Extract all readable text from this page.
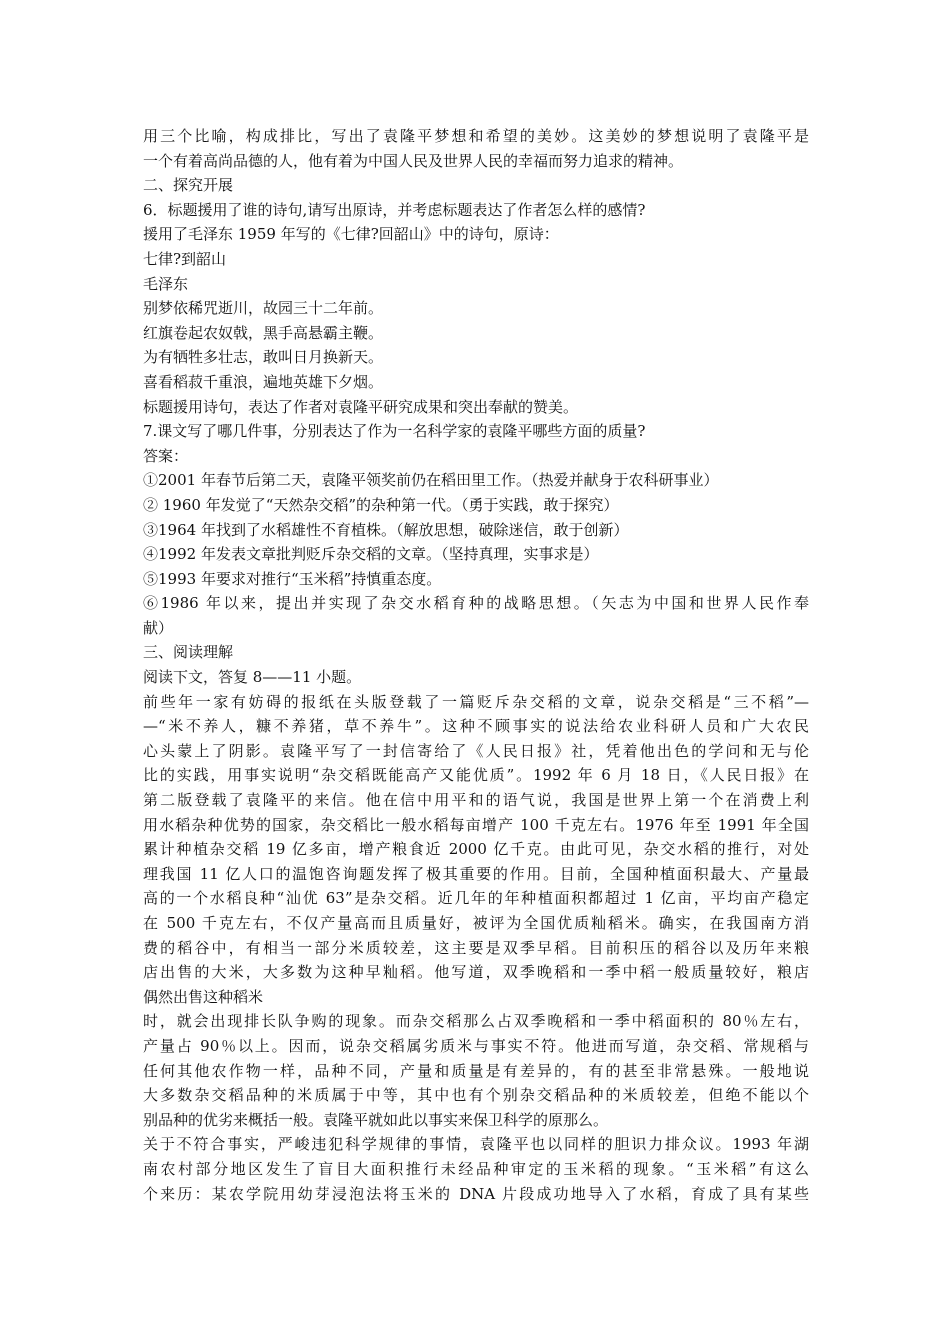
用三个比喻，构成排比，写出了袁隆平梦想和希望的美妙。这美妙的梦想说明了袁隆平是
一个有着高尚品德的人，他有着为中国人民及世界人民的幸福而努力追求的精神。
二、探究开展
6．标题援用了谁的诗句,请写出原诗，并考虑标题表达了作者怎么样的感情?
援用了毛泽东 1959 年写的《七律?回韶山》中的诗句，原诗：
七律?到韶山
毛泽东
别梦依稀咒逝川，故园三十二年前。
红旗卷起农奴戟，黑手高悬霸主鞭。
为有牺牲多壮志，敢叫日月换新天。
喜看稻菽千重浪，遍地英雄下夕烟。
标题援用诗句，表达了作者对袁隆平研究成果和突出奉献的赞美。
7.课文写了哪几件事，分别表达了作为一名科学家的袁隆平哪些方面的质量?
答案：
①2001 年春节后第二天，袁隆平领奖前仍在稻田里工作。（热爱并献身于农科研事业）
② 1960 年发觉了“天然杂交稻”的杂种第一代。（勇于实践，敢于探究）
③1964 年找到了水稻雄性不育植株。（解放思想，破除迷信，敢于创新）
④1992 年发表文章批判贬斥杂交稻的文章。（坚持真理，实事求是）
⑤1993 年要求对推行“玉米稻”持慎重态度。
⑥1986 年以来，提出并实现了杂交水稻育种的战略思想。（矢志为中国和世界人民作奉
献）
三、阅读理解
阅读下文，答复 8——11 小题。
前些年一家有妨碍的报纸在头版登载了一篇贬斥杂交稻的文章，说杂交稻是“三不稻”—
—“米不养人，糠不养猪，草不养牛”。这种不顾事实的说法给农业科研人员和广大农民
心头蒙上了阴影。袁隆平写了一封信寄给了《人民日报》社，凭着他出色的学问和无与伦
比的实践，用事实说明“杂交稻既能高产又能优质”。1992 年 6 月 18 日，《人民日报》在
第二版登载了袁隆平的来信。他在信中用平和的语气说，我国是世界上第一个在消费上利
用水稻杂种优势的国家，杂交稻比一般水稻每亩增产 100 千克左右。1976 年至 1991 年全国
累计种植杂交稻 19 亿多亩，增产粮食近 2000 亿千克。由此可见，杂交水稻的推行，对处
理我国 11 亿人口的温饱咨询题发挥了极其重要的作用。目前，全国种植面积最大、产量最
高的一个水稻良种“汕优 63”是杂交稻。近几年的年种植面积都超过 1 亿亩，平均亩产稳定
在 500 千克左右，不仅产量高而且质量好，被评为全国优质籼稻米。确实，在我国南方消
费的稻谷中，有相当一部分米质较差，这主要是双季早稻。目前积压的稻谷以及历年来粮
店出售的大米，大多数为这种早籼稻。他写道，双季晚稻和一季中稻一般质量较好，粮店
偶然出售这种稻米
时，就会出现排长队争购的现象。而杂交稻那么占双季晚稻和一季中稻面积的 80％左右，
产量占 90％以上。因而，说杂交稻属劣质米与事实不符。他进而写道，杂交稻、常规稻与
任何其他农作物一样，品种不同，产量和质量是有差异的，有的甚至非常悬殊。一般地说
大多数杂交稻品种的米质属于中等，其中也有个别杂交稻品种的米质较差，但绝不能以个
别品种的优劣来概括一般。袁隆平就如此以事实来保卫科学的原那么。
关于不符合事实，严峻违犯科学规律的事情，袁隆平也以同样的胆识力排众议。1993 年湖
南农村部分地区发生了盲目大面积推行未经品种审定的玉米稻的现象。“玉米稻”有这么
个来历：某农学院用幼芽浸泡法将玉米的 DNA 片段成功地导入了水稻，育成了具有某些
